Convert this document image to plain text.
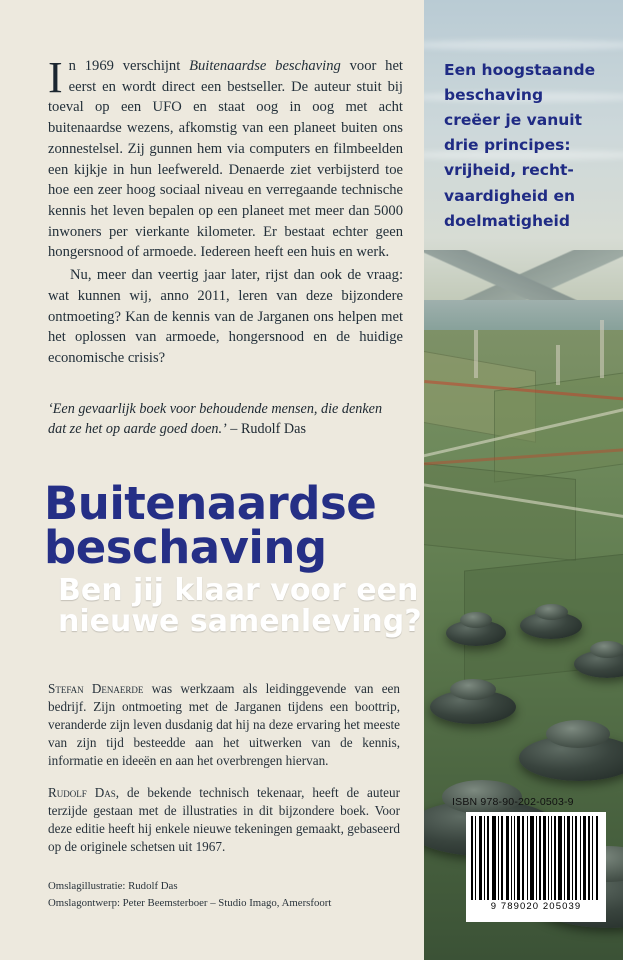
Een hoogstaande
beschaving
creëer je vanuit
drie principes:
vrijheid, recht-
vaardigheid en
doelmatigheid

In 1969 verschijnt Buitenaardse beschaving voor het eerst en wordt direct een bestseller. De auteur stuit bij toeval op een UFO en staat oog in oog met acht buitenaardse wezens, afkomstig van een planeet buiten ons zonnestelsel. Zij gunnen hem via computers en filmbeelden een kijkje in hun leefwereld. Denaerde ziet verbijsterd toe hoe een zeer hoog sociaal niveau en verregaande technische kennis het leven bepalen op een planeet met meer dan 5000 inwoners per vierkante kilometer. Er bestaat echter geen hongersnood of armoede. Iedereen heeft een huis en werk.

Nu, meer dan veertig jaar later, rijst dan ook de vraag: wat kunnen wij, anno 2011, leren van deze bijzondere ontmoeting? Kan de kennis van de Jarganen ons helpen met het oplossen van armoede, hongersnood en de huidige economische crisis?

‘Een gevaarlijk boek voor behoudende mensen, die denken dat ze het op aarde goed doen.’ – Rudolf Das
Buitenaardse
beschaving
Ben jij klaar voor een
nieuwe samenleving?

Stefan Denaerde was werkzaam als leidinggevende van een bedrijf. Zijn ontmoeting met de Jarganen tijdens een boottrip, veranderde zijn leven dusdanig dat hij na deze ervaring het meeste van zijn tijd besteedde aan het uitwerken van de kennis, informatie en ideeën en aan het overbrengen hiervan.

Rudolf Das, de bekende technisch tekenaar, heeft de auteur terzijde gestaan met de illustraties in dit bijzondere boek. Voor deze editie heeft hij enkele nieuwe tekeningen gemaakt, gebaseerd op de originele schetsen uit 1967.

Omslagillustratie: Rudolf Das
Omslagontwerp: Peter Beemsterboer – Studio Imago, Amersfoort
ISBN 978-90-202-0503-9
9 789020 205039
